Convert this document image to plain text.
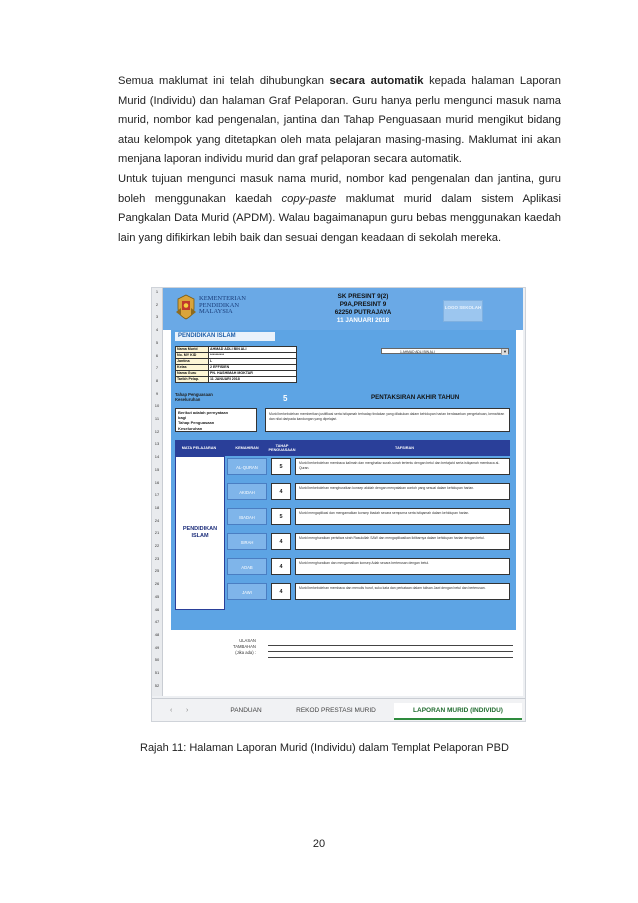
Semua maklumat ini telah dihubungkan secara automatik kepada halaman Laporan Murid (Individu) dan halaman Graf Pelaporan. Guru hanya perlu mengunci masuk nama murid, nombor kad pengenalan, jantina dan Tahap Penguasaan murid mengikut bidang atau kelompok yang ditetapkan oleh mata pelajaran masing-masing. Maklumat ini akan menjana laporan individu murid dan graf pelaporan secara automatik.

Untuk tujuan mengunci masuk nama murid, nombor kad pengenalan dan jantina, guru boleh menggunakan kaedah copy-paste maklumat murid dalam sistem Aplikasi Pangkalan Data Murid (APDM). Walau bagaimanapun guru bebas menggunakan kaedah lain yang difikirkan lebih baik dan sesuai dengan keadaan di sekolah mereka.

1
2
3
4
5
6
7
8
9
10
11
12
13
14
15
16
17
18
24
21
22
23
25
26
45
46
47
48
49
50
51
52
KEMENTERIAN
PENDIDIKAN
MALAYSIA
SK PRESINT 9(2)
P9A,PRESINT 9
62250 PUTRAJAYA
11 JANUARI 2018
LOGO SEKOLAH
PENDIDIKAN ISLAM
Nama Murid	AHMAD ADLI BIN ALI
No. MY KID	**********
Jantina	L
Kelas	2 EFFISIEN
Nama Guru	PN. HASHIMAH MOKTAR
Tarikh Pelap.	11 JANUARI 2018
1 AHMAD ADLI BIN ALI	▼
Tahap Penguasaan
Keseluruhan	5	PENTAKSIRAN AKHIR TAHUN
Berikut adalah pernyataan
bagi
Tahap Penguasaan
Keseluruhan
Murid berkebolehan memberikan justifikasi serta istiqamah terhadap tindakan yang dilakukan dalam kehidupan harian berdasarkan pengetahuan, kemahiran dan nilai daripada kandungan yang dipelajari.
MATA PELAJARAN	KEMAHIRAN
TAHAP PENGUASAAN
TAFSIRAN
PENDIDIKAN ISLAM
AL-QURAN	5
Murid berkebolehan membaca kalimah dan menghafaz surah-surah tertentu dengan betul dan bertajwid serta istiqamah membaca al-Quran.
AKIDAH	4
Murid berkebolehan menghuraikan konsep akidah dengan menyatakan contoh yang sesuai dalam kehidupan harian.
IBADAH	5
Murid mengaplikasi dan mengamalkan konsep ibadah secara sempurna serta istiqamah dalam kehidupan harian.
SIRAH	4
Murid menghuraikan peristiwa sirah Rasulullah SAW dan mengaplikasikan iktibarnya dalam kehidupan harian dengan betul.
ADAB	4
Murid menghuraikan dan mengamalkan konsep Adab secara berterusan dengan betul.
JAWI	4
Murid berkebolehan membaca dan menulis huruf, suku kata dan perkataan dalam tulisan Jawi dengan betul dan berterusan.
ULASAN
TAMBAHAN
(Jika ada) :
‹ ›	PANDUAN	REKOD PRESTASI MURID	LAPORAN MURID (INDIVIDU)

Rajah 11: Halaman Laporan Murid (Individu) dalam Templat Pelaporan PBD

20
